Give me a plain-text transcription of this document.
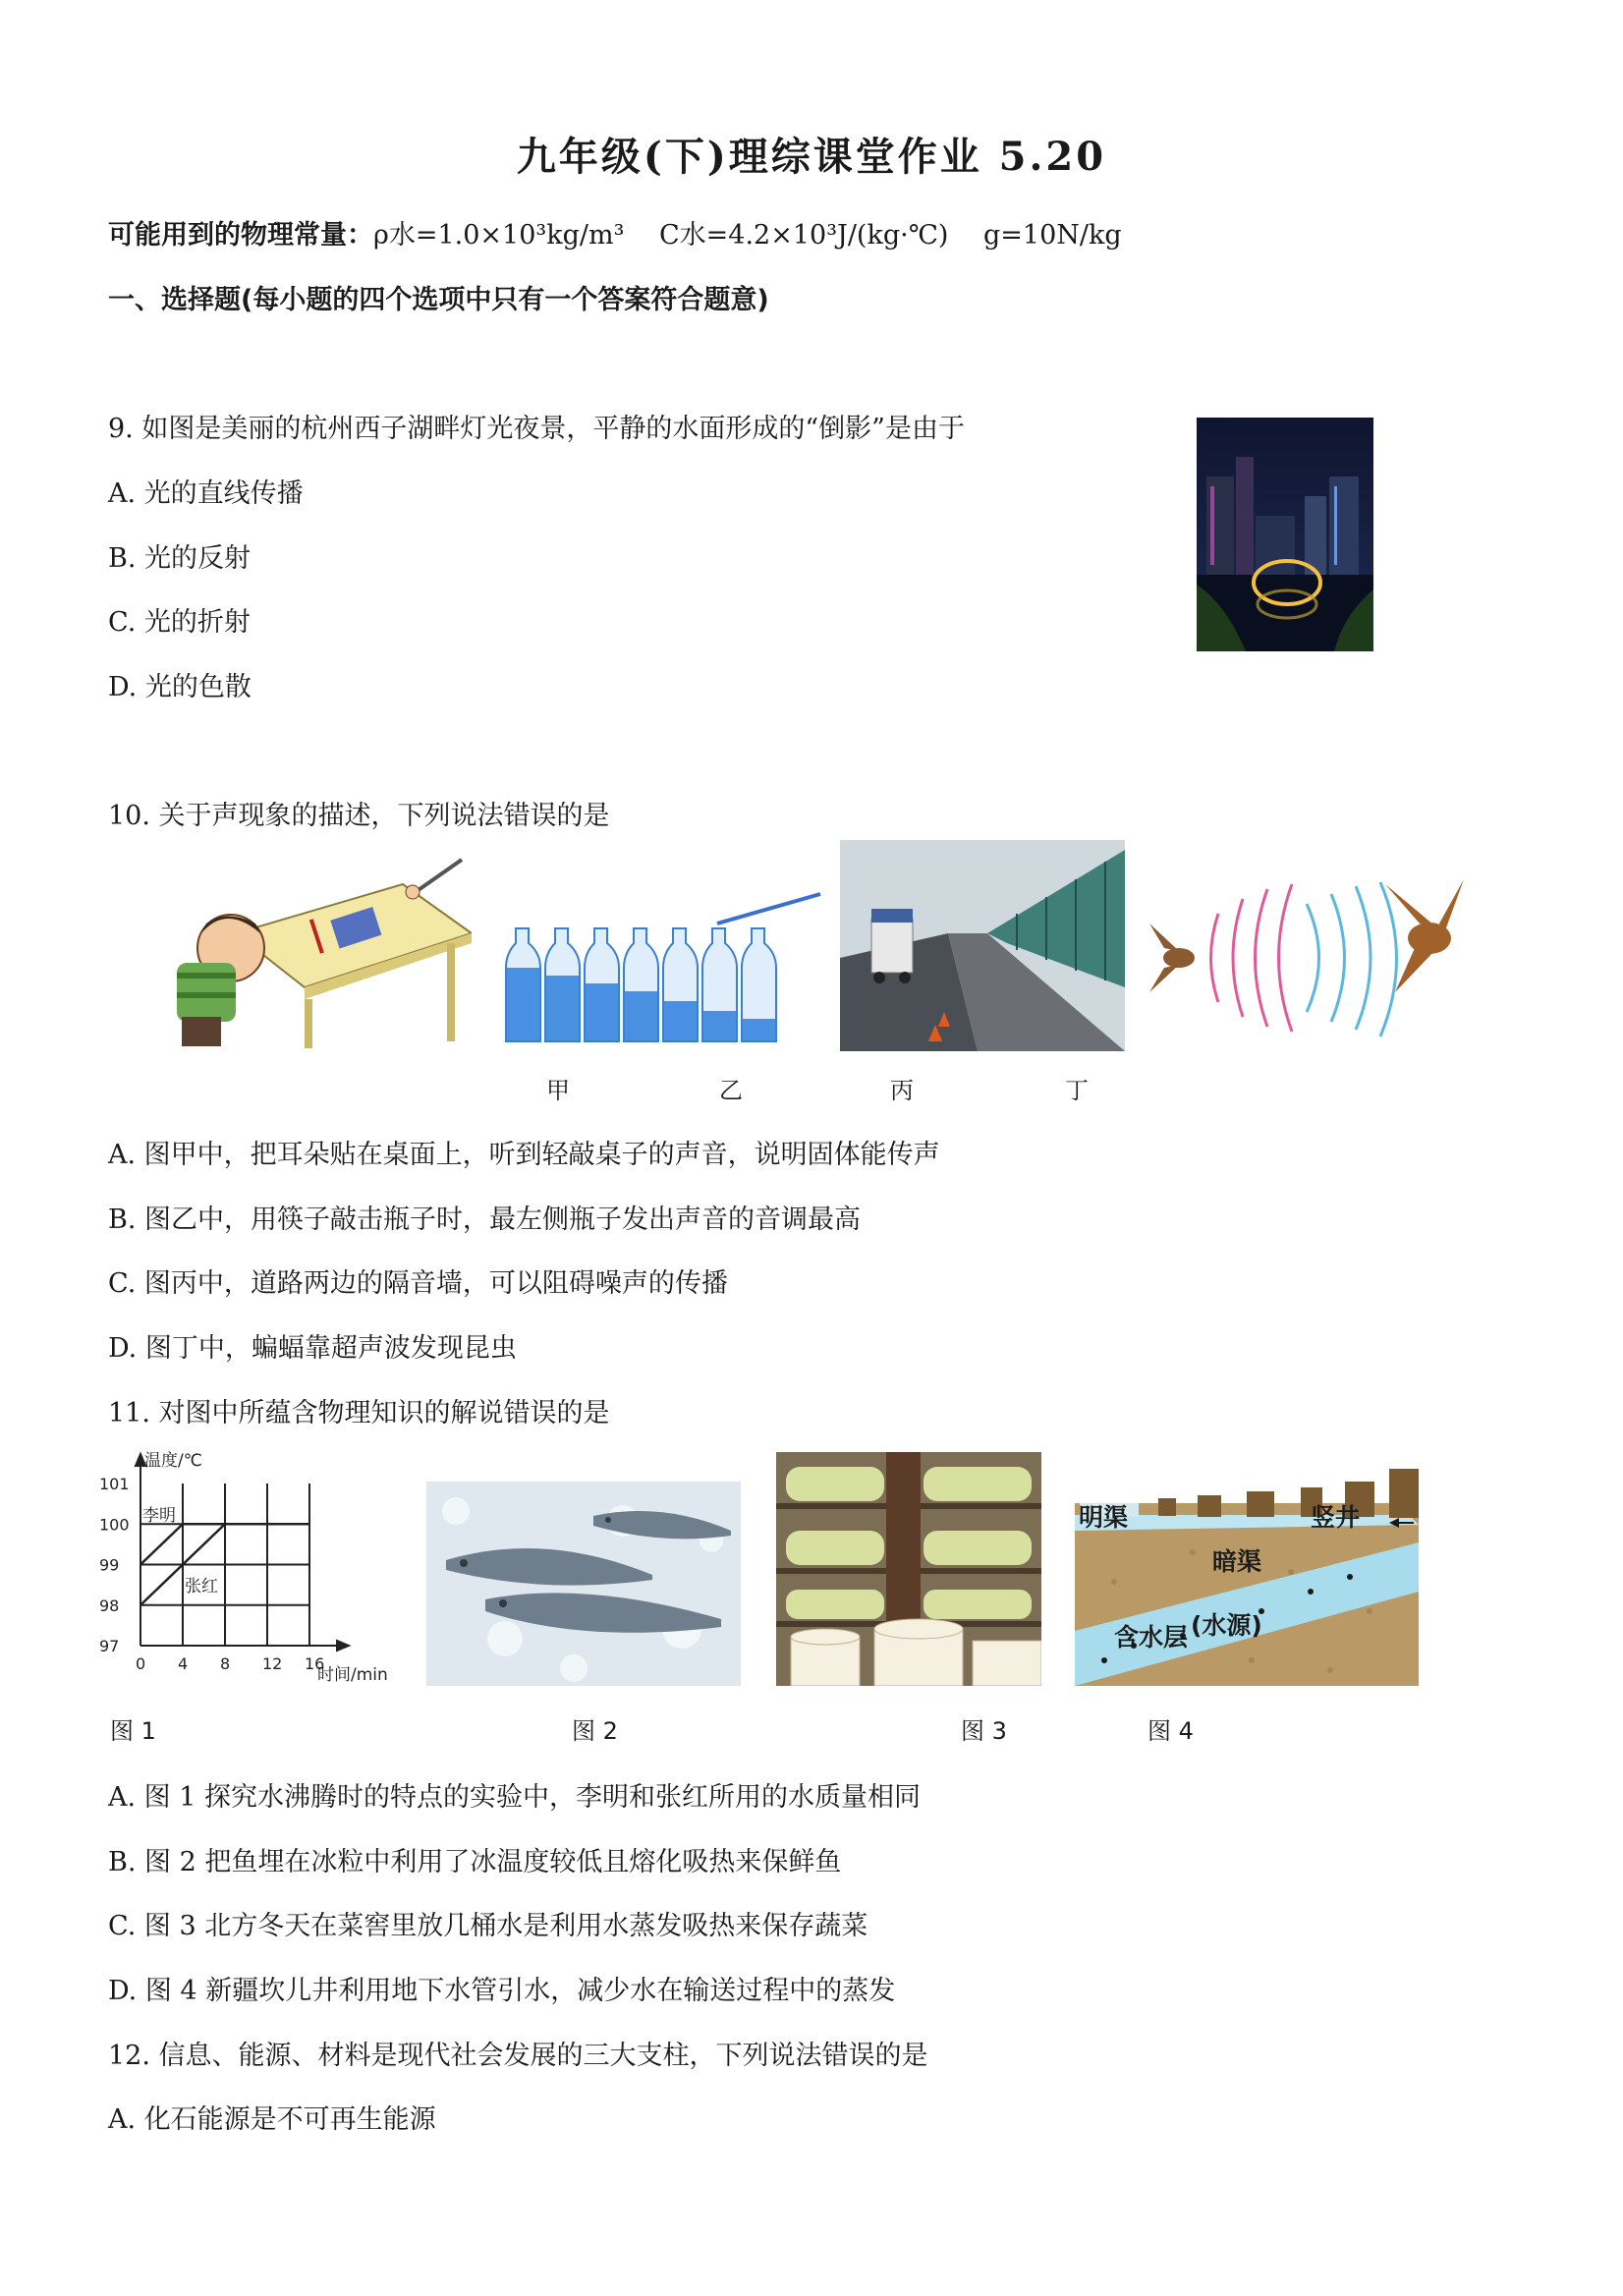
九年级(下)理综课堂作业 5.20
可能用到的物理常量：ρ水=1.0×10³kg/m³　 C水=4.2×10³J/(kg·℃)　 g=10N/kg
一、选择题(每小题的四个选项中只有一个答案符合题意)
9. 如图是美丽的杭州西子湖畔灯光夜景，平静的水面形成的“倒影”是由于
A. 光的直线传播
B. 光的反射
C. 光的折射
D. 光的色散
10. 关于声现象的描述，下列说法错误的是
甲	乙	丙	丁
A. 图甲中，把耳朵贴在桌面上，听到轻敲桌子的声音，说明固体能传声
B. 图乙中，用筷子敲击瓶子时，最左侧瓶子发出声音的音调最高
C. 图丙中，道路两边的隔音墙，可以阻碍噪声的传播
D. 图丁中，蝙蝠靠超声波发现昆虫
11. 对图中所蕴含物理知识的解说错误的是
温度/℃
时间/min
0 4 8 12 16
97
98
99
100
101
李明
张红
明渠	竖井
暗渠
含水层 (水源)
图 1	图 2	图 3	图 4
A. 图 1 探究水沸腾时的特点的实验中，李明和张红所用的水质量相同
B. 图 2 把鱼埋在冰粒中利用了冰温度较低且熔化吸热来保鲜鱼
C. 图 3 北方冬天在菜窖里放几桶水是利用水蒸发吸热来保存蔬菜
D. 图 4 新疆坎儿井利用地下水管引水，减少水在输送过程中的蒸发
12. 信息、能源、材料是现代社会发展的三大支柱，下列说法错误的是
A. 化石能源是不可再生能源
